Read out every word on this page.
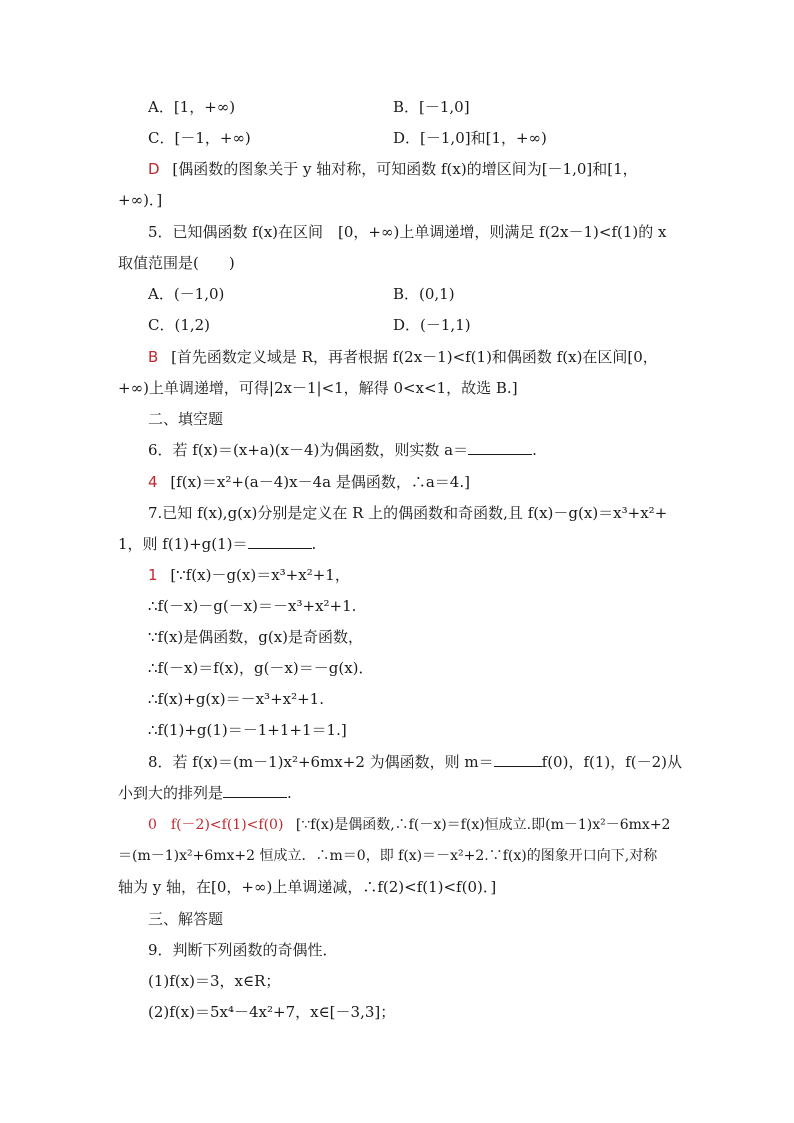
A．[1，+∞)	B．[－1,0]
C．[－1，+∞)	D．[－1,0]和[1，+∞)
D [偶函数的图象关于 y 轴对称，可知函数 f(x)的增区间为[－1,0]和[1，
+∞)．]
5．已知偶函数 f(x)在区间　[0，+∞)上单调递增，则满足 f(2x－1)<f(1)的 x
取值范围是(　　)
A．(－1,0)	B．(0,1)
C．(1,2)	D．(－1,1)
B [首先函数定义域是 R，再者根据 f(2x－1)<f(1)和偶函数 f(x)在区间[0，
+∞)上单调递增，可得|2x－1|<1，解得 0<x<1，故选 B.]
二、填空题
6．若 f(x)＝(x+a)(x－4)为偶函数，则实数 a＝	.
4 [f(x)＝x²+(a－4)x－4a 是偶函数，∴a＝4.]
7.已知 f(x),g(x)分别是定义在 R 上的偶函数和奇函数,且 f(x)－g(x)＝x³+x²+
1，则 f(1)+g(1)＝	.
1 [∵f(x)－g(x)＝x³+x²+1，
∴f(－x)－g(－x)＝－x³+x²+1.
∵f(x)是偶函数，g(x)是奇函数，
∴f(－x)＝f(x)，g(－x)＝－g(x)．
∴f(x)+g(x)＝－x³+x²+1.
∴f(1)+g(1)＝－1+1+1＝1.]
8．若 f(x)＝(m－1)x²+6mx+2 为偶函数，则 m＝	f(0)，f(1)，f(－2)从
小到大的排列是	.
0　f(－2)<f(1)<f(0) [∵f(x)是偶函数,∴f(－x)＝f(x)恒成立.即(m－1)x²－6mx+2
＝(m－1)x²+6mx+2 恒成立．∴m＝0，即 f(x)＝－x²+2.∵f(x)的图象开口向下,对称
轴为 y 轴，在[0，+∞)上单调递减，∴f(2)<f(1)<f(0)．]
三、解答题
9．判断下列函数的奇偶性．
(1)f(x)＝3，x∈R；
(2)f(x)＝5x⁴－4x²+7，x∈[－3,3]；
